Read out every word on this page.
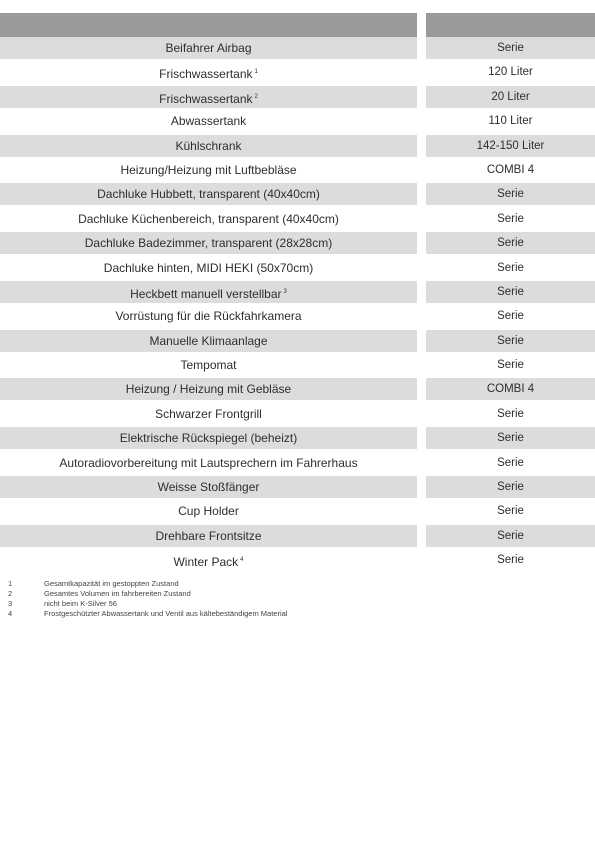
Beifahrer Airbag	Serie
Frischwassertank $^1$	120 Liter
Frischwassertank $^2$	20 Liter
Abwassertank	110 Liter
Kühlschrank	142-150 Liter
Heizung/Heizung mit Luftbebläse	COMBI 4
Dachluke Hubbett, transparent (40x40cm)	Serie
Dachluke Küchenbereich, transparent (40x40cm)	Serie
Dachluke Badezimmer, transparent (28x28cm)	Serie
Dachluke hinten, MIDI HEKI (50x70cm)	Serie
Heckbett manuell verstellbar $^3$	Serie
Vorrüstung für die Rückfahrkamera	Serie
Manuelle Klimaanlage	Serie
Tempomat	Serie
Heizung / Heizung mit Gebläse	COMBI 4
Schwarzer Frontgrill	Serie
Elektrische Rückspiegel (beheizt)	Serie
Autoradiovorbereitung mit Lautsprechern im Fahrerhaus	Serie
Weisse Stoßfänger	Serie
Cup Holder	Serie
Drehbare Frontsitze	Serie
Winter Pack $^4$	Serie
1	Gesamtkapazität im gestoppten Zustand
2	Gesamtes Volumen im fahrbereiten Zustand
3	nicht beim K-Silver 56
4	Frostgeschützter Abwassertank und Ventil aus kältebeständigem Material
